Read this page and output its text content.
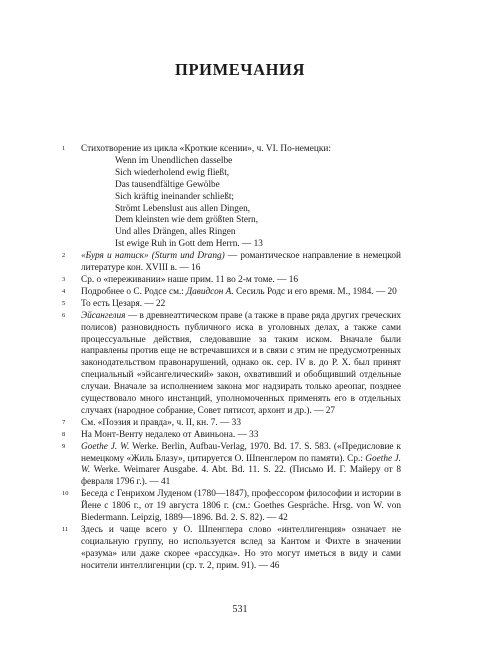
ПРИМЕЧАНИЯ
1 Стихотворение из цикла «Кроткие ксении», ч. VI. По-немецки:
Wenn im Unendlichen dasselbe
Sich wiederholend ewig fließt,
Das tausendfältige Gewölbe
Sich kräftig ineinander schließt;
Strömt Lebenslust aus allen Dingen,
Dem kleinsten wie dem größten Stern,
Und alles Drängen, alles Ringen
Ist ewige Ruh in Gott dem Herrn. — 13
2 «Буря и натиск» (Sturm und Drang) — романтическое направление в немецкой литературе кон. XVIII в. — 16
3 Ср. о «переживании» наше прим. 11 во 2-м томе. — 16
4 Подробнее о С. Родсе см.: Давидсон А. Сесиль Родс и его время. М., 1984. — 20
5 То есть Цезаря. — 22
6 Эйсангелия — в древнеаттическом праве (а также в праве ряда других греческих полисов) разновидность публичного иска в уголовных делах, а также сами процессуальные действия, следовавшие за таким иском. Вначале были направлены против еще не встречавшихся и в связи с этим не предусмотренных законодательством правонарушений, однако ок. сер. IV в. до Р. Х. был принят специальный «эйсангелический» закон, охвативший и обобщивший отдельные случаи. Вначале за исполнением закона мог надзирать только ареопаг, позднее существовало много инстанций, уполномоченных применять его в отдельных случаях (народное собрание, Совет пятисот, архонт и др.). — 27
7 См. «Поэзия и правда», ч. II, кн. 7. — 33
8 На Монт-Венту недалеко от Авиньона. — 33
9 Goethe J. W. Werke. Berlin, Aufbau-Verlag, 1970. Bd. 17. S. 583. («Предисловие к немецкому «Жиль Блазу», цитируется О. Шпенглером по памяти). Ср.: Goethe J. W. Werke. Weimarer Ausgabe. 4. Abt. Bd. 11. S. 22. (Письмо И. Г. Майеру от 8 февраля 1796 г.). — 41
10 Беседа с Генрихом Луденом (1780—1847), профессором философии и истории в Йене с 1806 г., от 19 августа 1806 г. (см.: Goethes Gespräche. Hrsg. von W. von Biedermann. Leipzig, 1889—1896. Bd. 2. S. 82). — 42
11 Здесь и чаще всего у О. Шпенглера слово «интеллигенция» означает не социальную группу, но используется вслед за Кантом и Фихте в значении «разума» или даже скорее «рассудка». Но это могут иметься в виду и сами носители интеллигенции (ср. т. 2, прим. 91). — 46
531
